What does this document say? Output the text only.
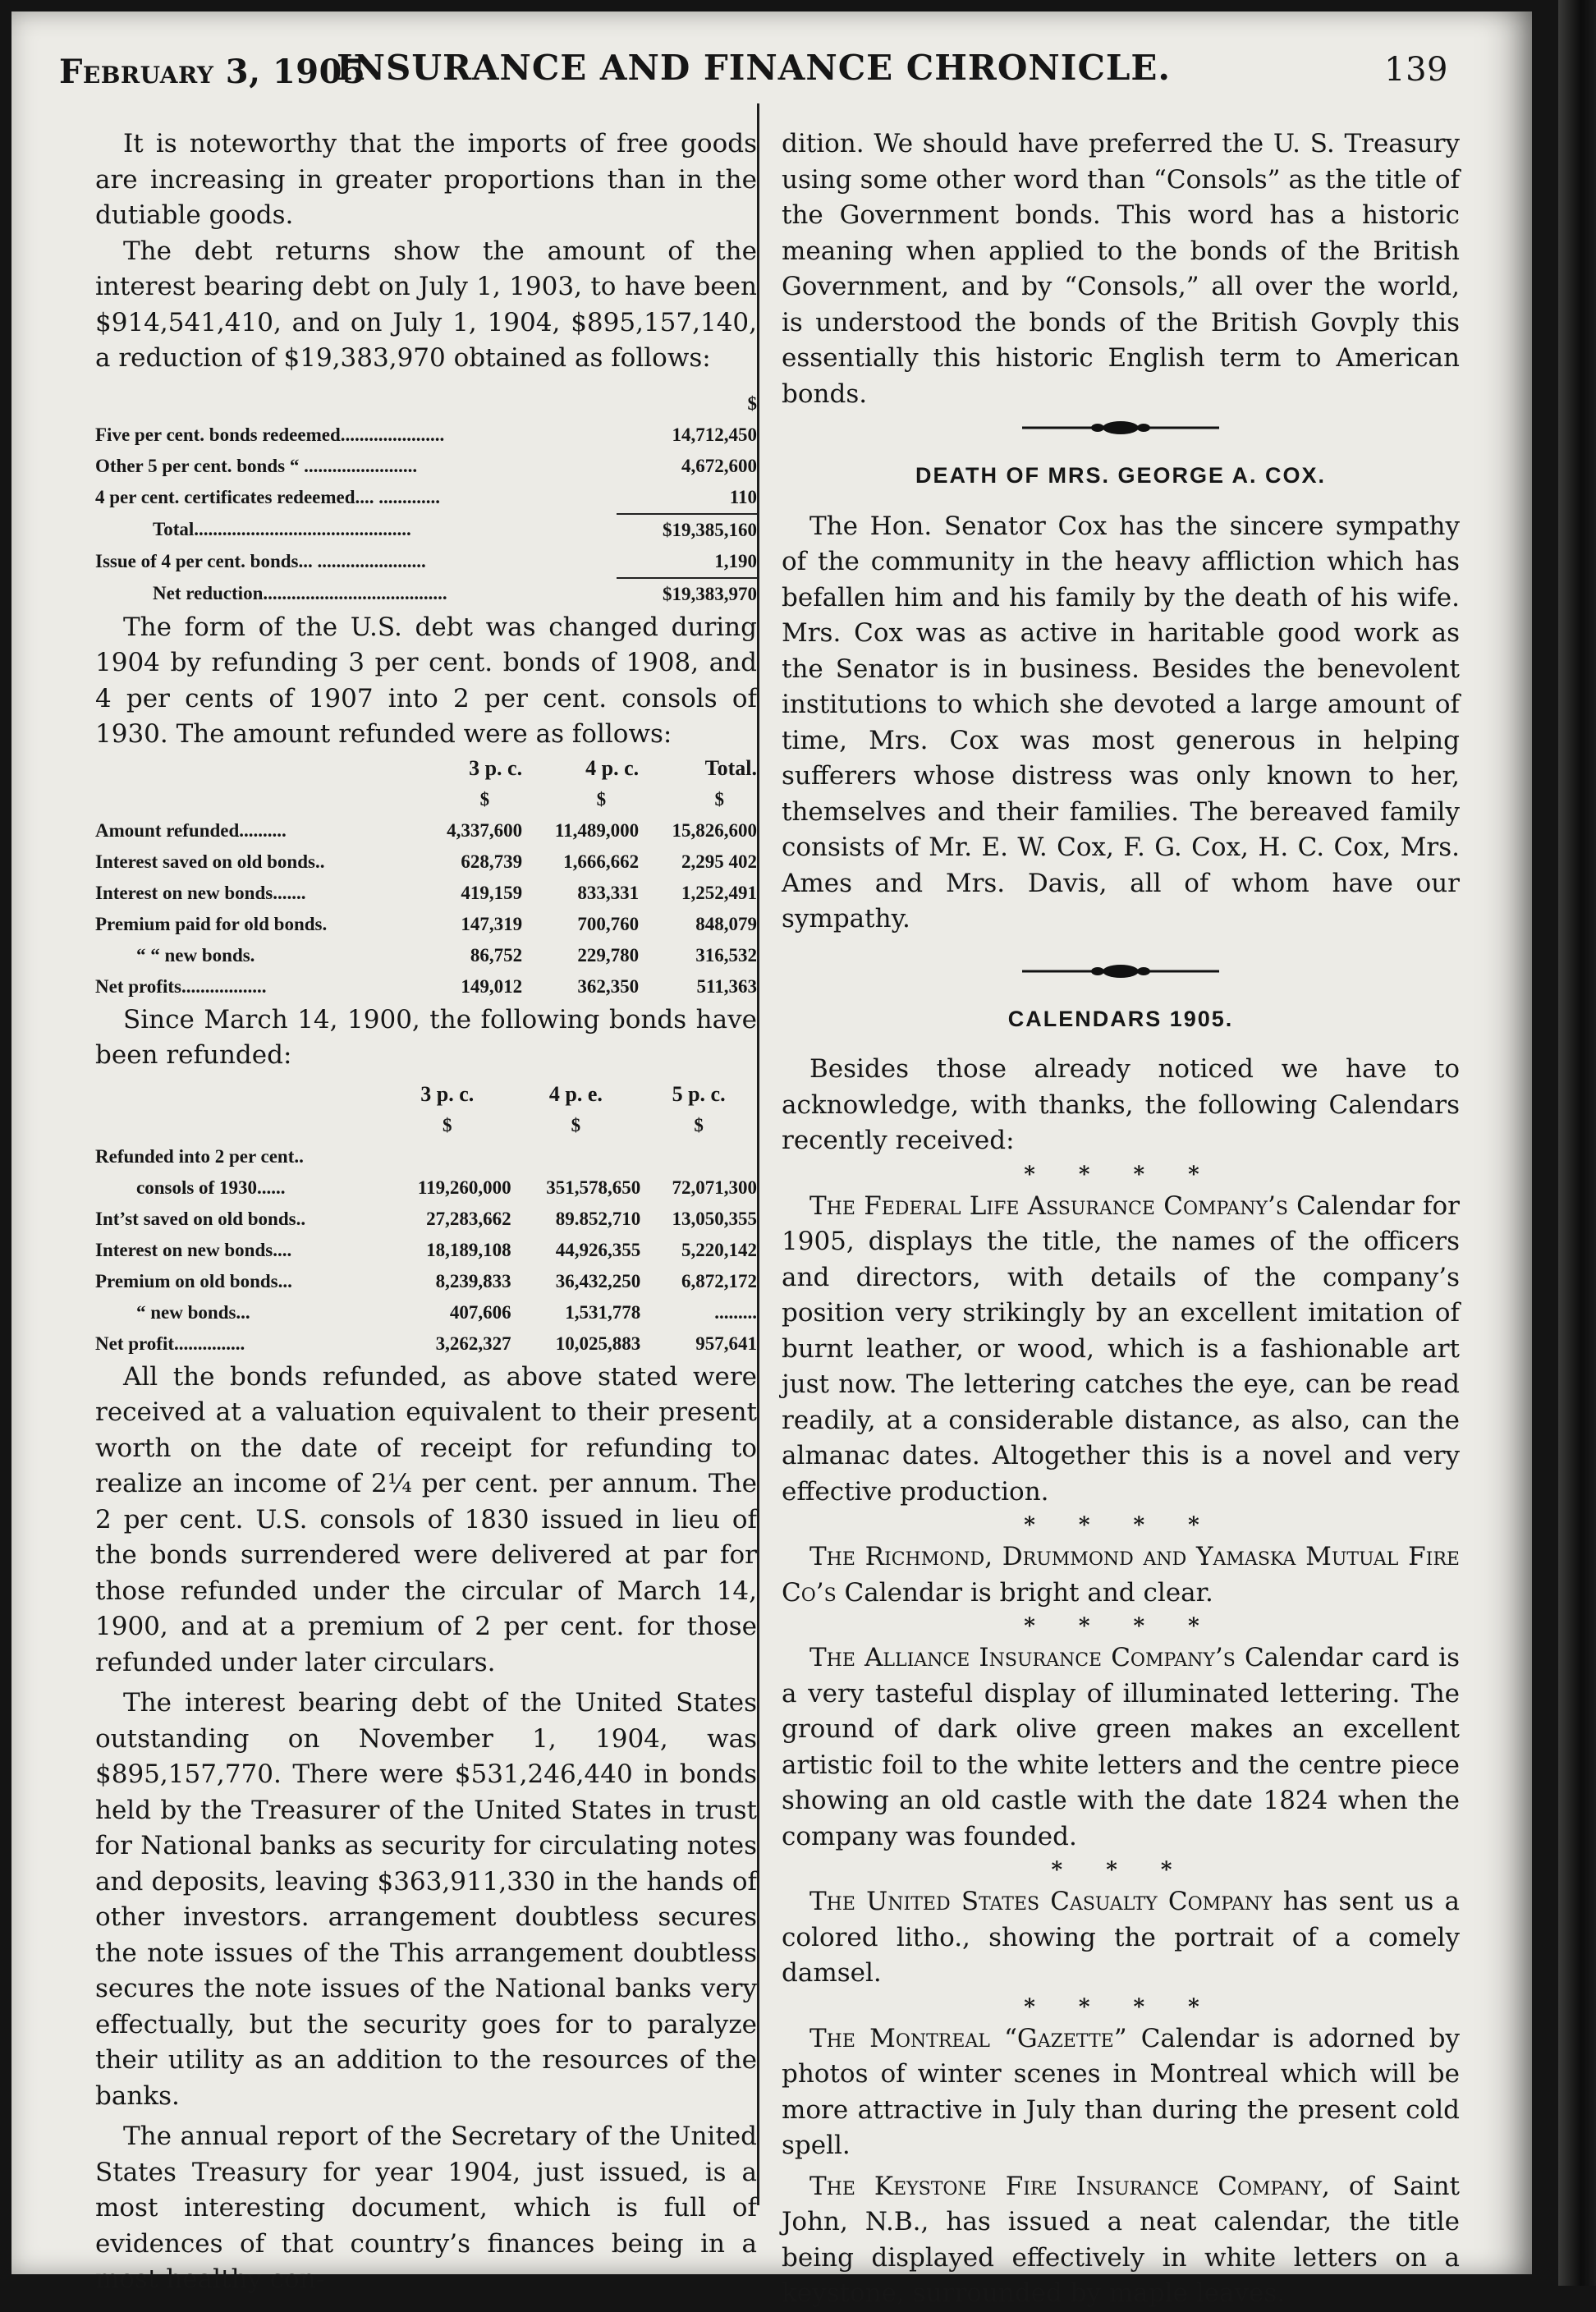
February 3, 1905
INSURANCE AND FINANCE CHRONICLE.	139

It is noteworthy that the imports of free goods are increasing in greater proportions than in the dutiable goods.

The debt returns show the amount of the interest bearing debt on July 1, 1903, to have been $914,541,410, and on July 1, 1904, $895,157,140, a reduction of $19,383,970 obtained as follows:

	$
Five per cent. bonds redeemed......................	14,712,450
Other 5 per cent. bonds “ ........................	4,672,600
4 per cent. certificates redeemed.... .............	110
Total..............................................	$19,385,160
Issue of 4 per cent. bonds... .......................	1,190
Net reduction.......................................	$19,383,970

The form of the U.S. debt was changed during 1904 by refunding 3 per cent. bonds of 1908, and 4 per cents of 1907 into 2 per cent. consols of 1930. The amount refunded were as follows:

	3 p. c.	4 p. c.	Total.
	$	$	$
Amount refunded..........	4,337,600	11,489,000	15,826,600
Interest saved on old bonds..	628,739	1,666,662	2,295 402
Interest on new bonds.......	419,159	833,331	1,252,491
Premium paid for old bonds.	147,319	700,760	848,079
“ “ new bonds.	86,752	229,780	316,532
Net profits..................	149,012	362,350	511,363

Since March 14, 1900, the following bonds have been refunded:

	3 p. c.	4 p. e.	5 p. c.
	$	$	$
Refunded into 2 per cent..			
consols of 1930......	119,260,000	351,578,650	72,071,300
Int’st saved on old bonds..	27,283,662	89.852,710	13,050,355
Interest on new bonds....	18,189,108	44,926,355	5,220,142
Premium on old bonds...	8,239,833	36,432,250	6,872,172
“ new bonds...	407,606	1,531,778	.........
Net profit...............	3,262,327	10,025,883	957,641

All the bonds refunded, as above stated were received at a valuation equivalent to their present worth on the date of receipt for refunding to realize an income of 2¼ per cent. per annum. The 2 per cent. U.S. consols of 1830 issued in lieu of the bonds surrendered were delivered at par for those refunded under the circular of March 14, 1900, and at a premium of 2 per cent. for those refunded under later circulars.

The interest bearing debt of the United States outstanding on November 1, 1904, was $895,157,770. There were $531,246,440 in bonds held by the Treasurer of the United States in trust for National banks as security for circulating notes and deposits, leaving $363,911,330 in the hands of other investors. arrangement doubtless secures the note issues of the This arrangement doubtless secures the note issues of the National banks very effectually, but the security goes for to paralyze their utility as an addition to the resources of the banks.

The annual report of the Secretary of the United States Treasury for year 1904, just issued, is a most interesting document, which is full of evidences of that country’s finances being in a most healthy con-

dition. We should have preferred the U. S. Treasury using some other word than “Consols” as the title of the Government bonds. This word has a historic meaning when applied to the bonds of the British Government, and by “Consols,” all over the world, is understood the bonds of the British Govply this essentially this historic English term to American bonds.

DEATH OF MRS. GEORGE A. COX.

The Hon. Senator Cox has the sincere sympathy of the community in the heavy affliction which has befallen him and his family by the death of his wife. Mrs. Cox was as active in haritable good work as the Senator is in business. Besides the benevolent institutions to which she devoted a large amount of time, Mrs. Cox was most generous in helping sufferers whose distress was only known to her, themselves and their families. The bereaved family consists of Mr. E. W. Cox, F. G. Cox, H. C. Cox, Mrs. Ames and Mrs. Davis, all of whom have our sympathy.

CALENDARS 1905.

Besides those already noticed we have to acknowledge, with thanks, the following Calendars recently received:

* * * *

The Federal Life Assurance Company’s Calendar for 1905, displays the title, the names of the officers and directors, with details of the company’s position very strikingly by an excellent imitation of burnt leather, or wood, which is a fashionable art just now. The lettering catches the eye, can be read readily, at a considerable distance, as also, can the almanac dates. Altogether this is a novel and very effective production.

* * * *

The Richmond, Drummond and Yamaska Mutual Fire Co’s Calendar is bright and clear.

* * * *

The Alliance Insurance Company’s Calendar card is a very tasteful display of illuminated lettering. The ground of dark olive green makes an excellent artistic foil to the white letters and the centre piece showing an old castle with the date 1824 when the company was founded.

* * *

The United States Casualty Company has sent us a colored litho., showing the portrait of a comely damsel.

* * * *

The Montreal “Gazette” Calendar is adorned by photos of winter scenes in Montreal which will be more attractive in July than during the present cold spell.

The Keystone Fire Insurance Company, of Saint John, N.B., has issued a neat calendar, the title being displayed effectively in white letters on a keystone, surrounded by maple leaves.
